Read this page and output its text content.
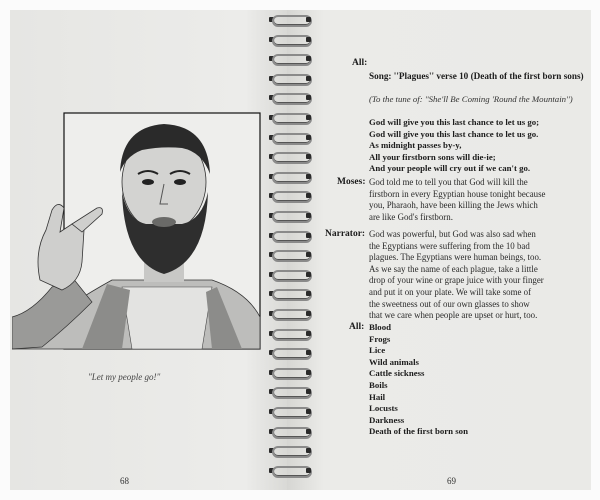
"Let my people go!"
68
All:
Song: ''Plagues'' verse 10 (Death of the first born sons)
(To the tune of: ''She'll Be Coming 'Round the Mountain'')
God will give you this last chance to let us go;
God will give you this last chance to let us go.
As midnight passes by-y,
All your firstborn sons will die-ie;
And your people will cry out if we can't go.
Moses: God told me to tell you that God will kill the
firstborn in every Egyptian house tonight because
you, Pharaoh, have been killing the Jews which
are like God's firstborn.
Narrator: God was powerful, but God was also sad when
the Egyptians were suffering from the 10 bad
plagues. The Egyptians were human beings, too.
As we say the name of each plague, take a little
drop of your wine or grape juice with your finger
and put it on your plate. We will take some of
the sweetness out of our own glasses to show
that we care when people are upset or hurt, too.
All: Blood
Frogs
Lice
Wild animals
Cattle sickness
Boils
Hail
Locusts
Darkness
Death of the first born son
69
